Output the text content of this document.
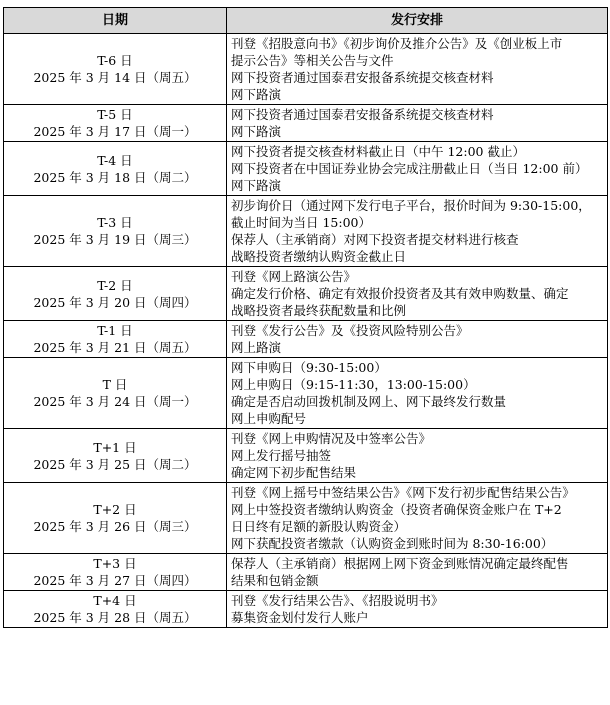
日期	发行安排

T-6 日
2025 年 3 月 14 日（周五）	刊登《招股意向书》《初步询价及推介公告》及《创业板上市
提示公告》等相关公告与文件
网下投资者通过国泰君安报备系统提交核查材料
网下路演

T-5 日
2025 年 3 月 17 日（周一）	网下投资者通过国泰君安报备系统提交核查材料
网下路演

T-4 日
2025 年 3 月 18 日（周二）	网下投资者提交核查材料截止日（中午 12:00 截止）
网下投资者在中国证券业协会完成注册截止日（当日 12:00 前）
网下路演

T-3 日
2025 年 3 月 19 日（周三）	初步询价日（通过网下发行电子平台，报价时间为 9:30-15:00，
截止时间为当日 15:00）
保荐人（主承销商）对网下投资者提交材料进行核查
战略投资者缴纳认购资金截止日

T-2 日
2025 年 3 月 20 日（周四）	刊登《网上路演公告》
确定发行价格、确定有效报价投资者及其有效申购数量、确定
战略投资者最终获配数量和比例

T-1 日
2025 年 3 月 21 日（周五）	刊登《发行公告》及《投资风险特别公告》
网上路演

T 日
2025 年 3 月 24 日（周一）	网下申购日（9:30-15:00）
网上申购日（9:15-11:30，13:00-15:00）
确定是否启动回拨机制及网上、网下最终发行数量
网上申购配号

T+1 日
2025 年 3 月 25 日（周二）	刊登《网上申购情况及中签率公告》
网上发行摇号抽签
确定网下初步配售结果

T+2 日
2025 年 3 月 26 日（周三）	刊登《网上摇号中签结果公告》《网下发行初步配售结果公告》
网上中签投资者缴纳认购资金（投资者确保资金账户在 T+2
日日终有足额的新股认购资金）
网下获配投资者缴款（认购资金到账时间为 8:30-16:00）

T+3 日
2025 年 3 月 27 日（周四）	保荐人（主承销商）根据网上网下资金到账情况确定最终配售
结果和包销金额

T+4 日
2025 年 3 月 28 日（周五）	刊登《发行结果公告》、《招股说明书》
募集资金划付发行人账户
